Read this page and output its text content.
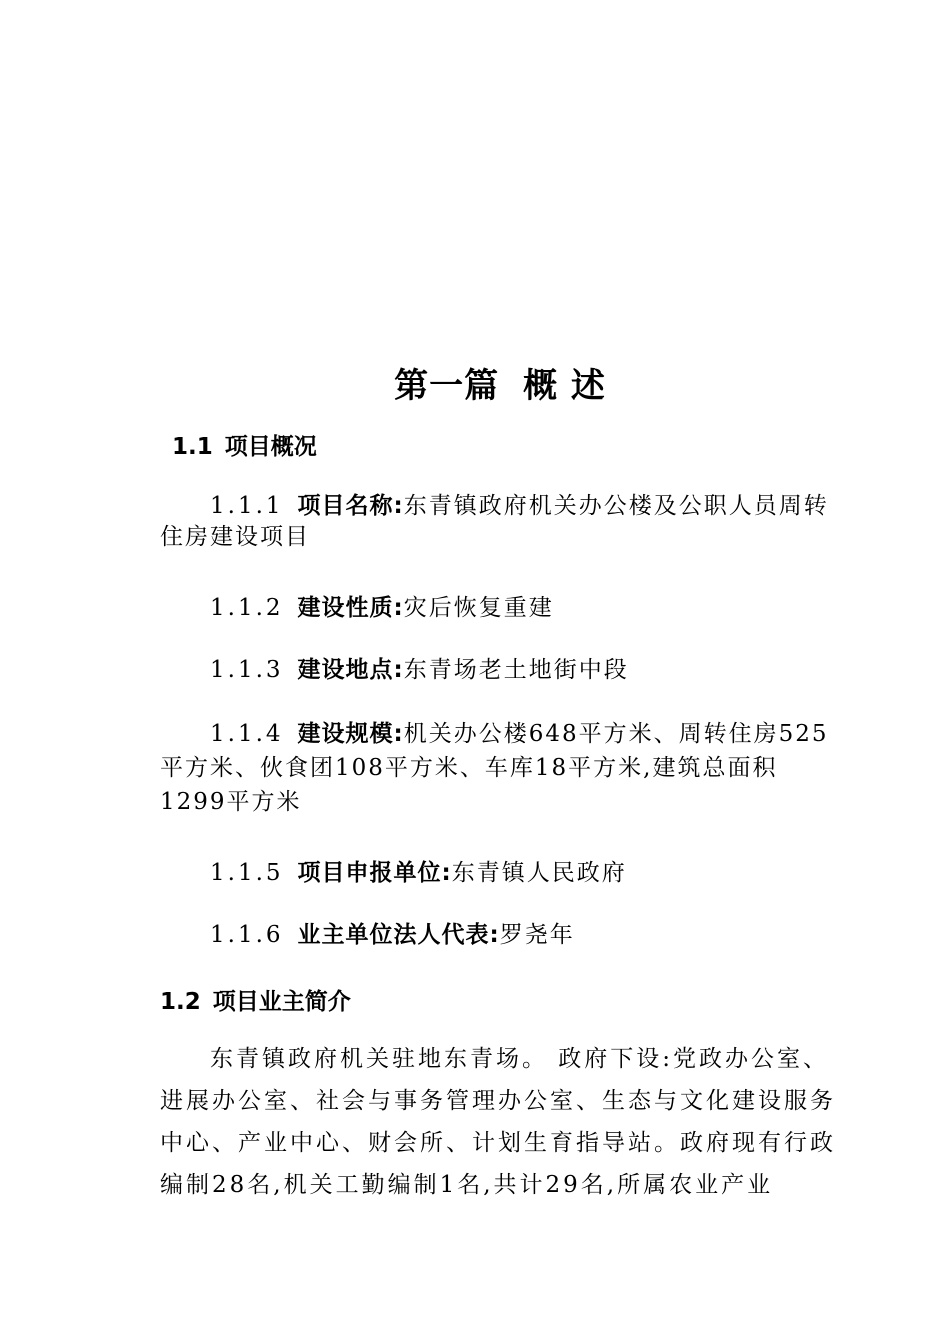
第一篇 概 述
1.1 项目概况
1.1.1 项目名称:东青镇政府机关办公楼及公职人员周转住房建设项目
1.1.2 建设性质:灾后恢复重建
1.1.3 建设地点:东青场老土地街中段
1.1.4 建设规模:机关办公楼648平方米、周转住房525平方米、伙食团108平方米、车库18平方米,建筑总面积1299平方米
1.1.5 项目申报单位:东青镇人民政府
1.1.6 业主单位法人代表:罗尧年
1.2 项目业主简介
东青镇政府机关驻地东青场。 政府下设:党政办公室、进展办公室、社会与事务管理办公室、生态与文化建设服务中心、产业中心、财会所、计划生育指导站。政府现有行政编制28名,机关工勤编制1名,共计29名,所属农业产业
